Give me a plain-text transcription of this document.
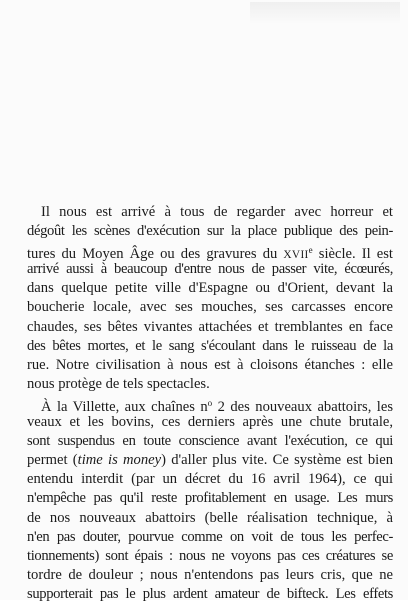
Il nous est arrivé à tous de regarder avec horreur et
dégoût les scènes d'exécution sur la place publique des pein-
tures du Moyen Âge ou des gravures du XVIIe siècle. Il est
arrivé aussi à beaucoup d'entre nous de passer vite, écœurés,
dans quelque petite ville d'Espagne ou d'Orient, devant la
boucherie locale, avec ses mouches, ses carcasses encore
chaudes, ses bêtes vivantes attachées et tremblantes en face
des bêtes mortes, et le sang s'écoulant dans le ruisseau de la
rue. Notre civilisation à nous est à cloisons étanches : elle
nous protège de tels spectacles.
À la Villette, aux chaînes $n^o$ 2 des nouveaux abattoirs, les
veaux et les bovins, ces derniers après une chute brutale,
sont suspendus en toute conscience avant l'exécution, ce qui
permet (time is money) d'aller plus vite. Ce système est bien
entendu interdit (par un décret du 16 avril 1964), ce qui
n'empêche pas qu'il reste profitablement en usage. Les murs
de nos nouveaux abattoirs (belle réalisation technique, à
n'en pas douter, pourvue comme on voit de tous les perfec-
tionnements) sont épais : nous ne voyons pas ces créatures se
tordre de douleur ; nous n'entendons pas leurs cris, que ne
supporterait pas le plus ardent amateur de bifteck. Les effets
